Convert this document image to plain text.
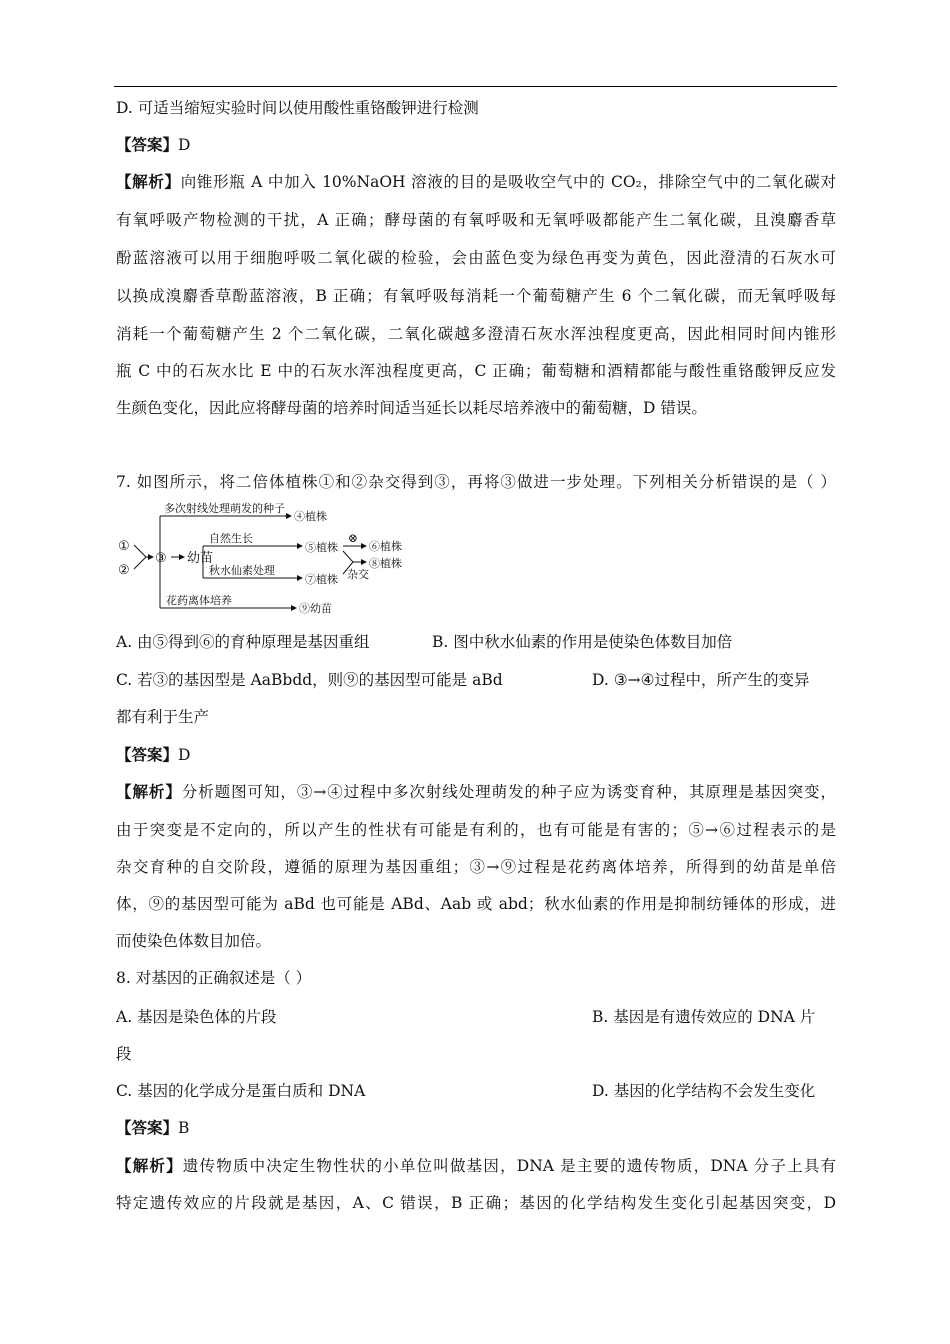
D. 可适当缩短实验时间以使用酸性重铬酸钾进行检测
【答案】D
【解析】向锥形瓶 A 中加入 10%NaOH 溶液的目的是吸收空气中的 CO₂，排除空气中的二氧化碳对
有氧呼吸产物检测的干扰，A 正确；酵母菌的有氧呼吸和无氧呼吸都能产生二氧化碳，且溴麝香草
酚蓝溶液可以用于细胞呼吸二氧化碳的检验，会由蓝色变为绿色再变为黄色，因此澄清的石灰水可
以换成溴麝香草酚蓝溶液，B 正确；有氧呼吸每消耗一个葡萄糖产生 6 个二氧化碳，而无氧呼吸每
消耗一个葡萄糖产生 2 个二氧化碳，二氧化碳越多澄清石灰水浑浊程度更高，因此相同时间内锥形
瓶 C 中的石灰水比 E 中的石灰水浑浊程度更高，C 正确；葡萄糖和酒精都能与酸性重铬酸钾反应发
生颜色变化，因此应将酵母菌的培养时间适当延长以耗尽培养液中的葡萄糖，D 错误。
7. 如图所示，将二倍体植株①和②杂交得到③，再将③做进一步处理。下列相关分析错误的是（ ）
①
②
③ 幼苗
多次射线处理萌发的种子
④植株
花药离体培养
⑨幼苗
自然生长
⑤植株
秋水仙素处理
⑦植株
⊗
⑥植株
杂交
⑧植株
A. 由⑤得到⑥的育种原理是基因重组	B. 图中秋水仙素的作用是使染色体数目加倍
C. 若③的基因型是 AaBbdd，则⑨的基因型可能是 aBd	D. ③→④过程中，所产生的变异
都有利于生产
【答案】D
【解析】分析题图可知，③→④过程中多次射线处理萌发的种子应为诱变育种，其原理是基因突变，
由于突变是不定向的，所以产生的性状有可能是有利的，也有可能是有害的；⑤→⑥过程表示的是
杂交育种的自交阶段，遵循的原理为基因重组；③→⑨过程是花药离体培养，所得到的幼苗是单倍
体，⑨的基因型可能为 aBd 也可能是 ABd、Aab 或 abd；秋水仙素的作用是抑制纺锤体的形成，进
而使染色体数目加倍。
8. 对基因的正确叙述是（ ）
A. 基因是染色体的片段	B. 基因是有遗传效应的 DNA 片
段
C. 基因的化学成分是蛋白质和 DNA	D. 基因的化学结构不会发生变化
【答案】B
【解析】遗传物质中决定生物性状的小单位叫做基因，DNA 是主要的遗传物质，DNA 分子上具有
特定遗传效应的片段就是基因，A、C 错误，B 正确；基因的化学结构发生变化引起基因突变，D
